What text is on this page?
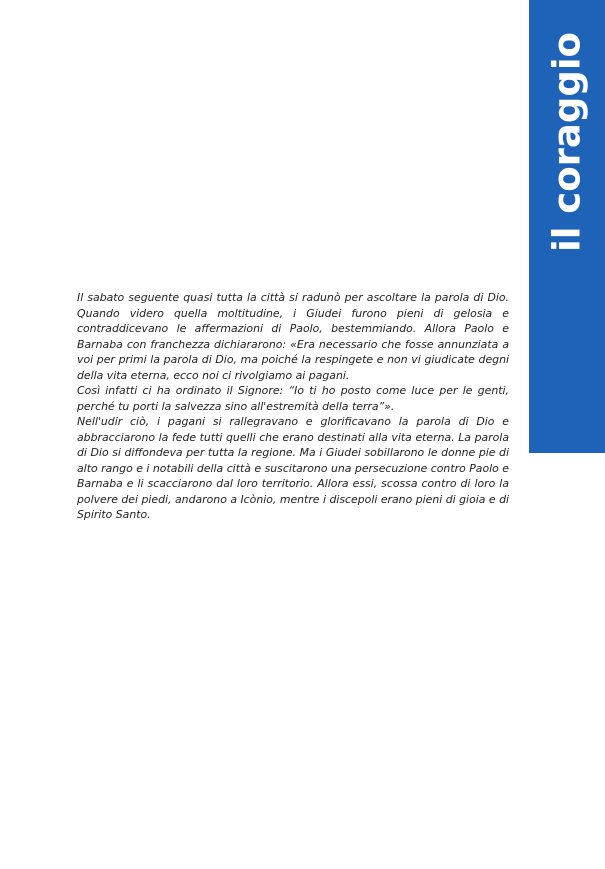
il coraggio

Il sabato seguente quasi tutta la città si radunò per ascoltare la parola di Dio. Quando videro quella moltitudine, i Giudei furono pieni di gelosia e contraddicevano le affermazioni di Paolo, bestemmiando. Allora Paolo e Barnaba con franchezza dichiararono: «Era necessario che fosse annunziata a voi per primi la parola di Dio, ma poiché la respingete e non vi giudicate degni della vita eterna, ecco noi ci rivolgiamo ai pagani.

Così infatti ci ha ordinato il Signore: “Io ti ho posto come luce per le genti, perché tu porti la salvezza sino all'estremità della terra”».

Nell'udir ciò, i pagani si rallegravano e glorificavano la parola di Dio e abbracciarono la fede tutti quelli che erano destinati alla vita eterna. La parola di Dio si diffondeva per tutta la regione. Ma i Giudei sobillarono le donne pie di alto rango e i notabili della città e suscitarono una persecuzione contro Paolo e Barnaba e li scacciarono dal loro territorio. Allora essi, scossa contro di loro la polvere dei piedi, andarono a Icònio, mentre i discepoli erano pieni di gioia e di Spirito Santo.
